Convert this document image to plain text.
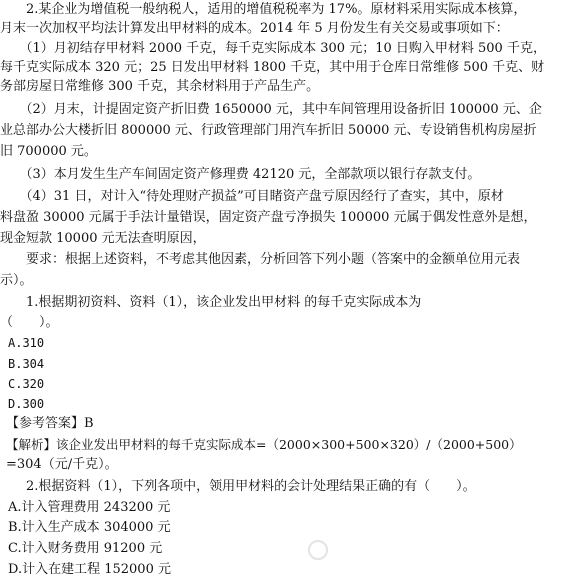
　　2.某企业为增值税一般纳税人，适用的增值税税率为 17%。原材料采用实际成本核算，
月末一次加权平均法计算发出甲材料的成本。2014 年 5 月份发生有关交易或事项如下：
　　（1）月初结存甲材料 2000 千克，每千克实际成本 300 元；10 日购入甲材料 500 千克，
每千克实际成本 320 元；25 日发出甲材料 1800 千克，其中用于仓库日常维修 500 千克、财
务部房屋日常维修 300 千克，其余材料用于产品生产。
　　（2）月末，计提固定资产折旧费 1650000 元，其中车间管理用设备折旧 100000 元、企
业总部办公大楼折旧 800000 元、行政管理部门用汽车折旧 50000 元、专设销售机构房屋折
旧 700000 元。
　　（3）本月发生生产车间固定资产修理费 42120 元，全部款项以银行存款支付。
　　（4）31 日，对计入“待处理财产损益”可目睹资产盘亏原因经行了查实，其中，原材
料盘盈 30000 元属于手法计量错误，固定资产盘亏净损失 100000 元属于偶发性意外是想，
现金短款 10000 元无法查明原因，
　　要求：根据上述资料，不考虑其他因素，分析回答下列小题（答案中的金额单位用元表
示）。
　　1.根据期初资料、资料（1），该企业发出甲材料 的每千克实际成本为
（　　）。
A.310
B.304
C.320
D.300
【参考答案】B
【解析】该企业发出甲材料的每千克实际成本=（2000×300+500×320）/（2000+500）
=304（元/千克）。
　　2.根据资料（1），下列各项中，领用甲材料的会计处理结果正确的有（　　）。
A.计入管理费用 243200 元
B.计入生产成本 304000 元
C.计入财务费用 91200 元
D.计入在建工程 152000 元
